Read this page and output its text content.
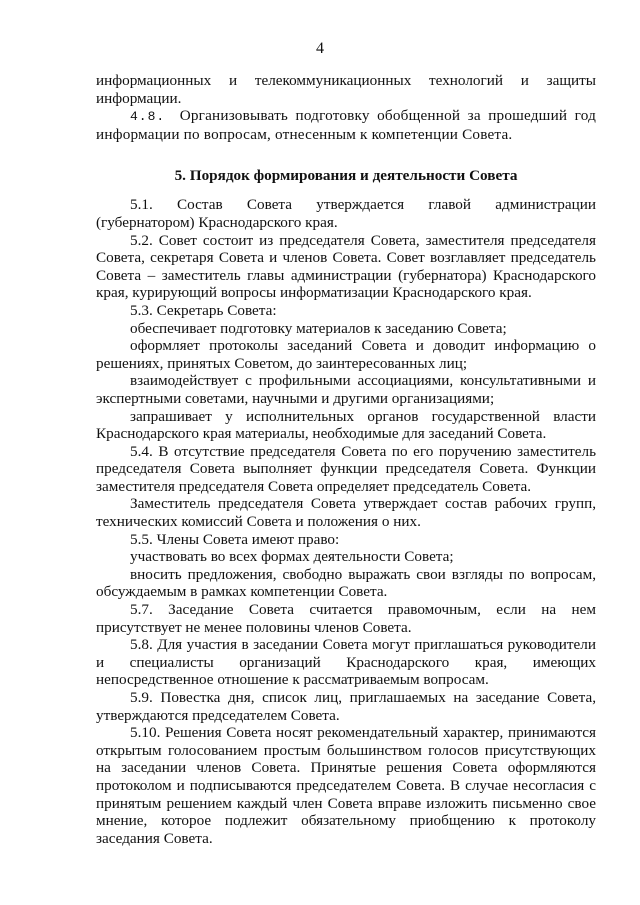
4

информационных и телекоммуникационных технологий и защиты информации.

4.8. Организовывать подготовку обобщенной за прошедший год информации по вопросам, отнесенным к компетенции Совета.

5. Порядок формирования и деятельности Совета

5.1. Состав Совета утверждается главой администрации (губернатором) Краснодарского края.

5.2. Совет состоит из председателя Совета, заместителя председателя Совета, секретаря Совета и членов Совета. Совет возглавляет председатель Совета – заместитель главы администрации (губернатора) Краснодарского края, курирующий вопросы информатизации Краснодарского края.

5.3. Секретарь Совета:

обеспечивает подготовку материалов к заседанию Совета;

оформляет протоколы заседаний Совета и доводит информацию о решениях, принятых Советом, до заинтересованных лиц;

взаимодействует с профильными ассоциациями, консультативными и экспертными советами, научными и другими организациями;

запрашивает у исполнительных органов государственной власти Краснодарского края материалы, необходимые для заседаний Совета.

5.4. В отсутствие председателя Совета по его поручению заместитель председателя Совета выполняет функции председателя Совета. Функции заместителя председателя Совета определяет председатель Совета.

Заместитель председателя Совета утверждает состав рабочих групп, технических комиссий Совета и положения о них.

5.5. Члены Совета имеют право:

участвовать во всех формах деятельности Совета;

вносить предложения, свободно выражать свои взгляды по вопросам, обсуждаемым в рамках компетенции Совета.

5.7. Заседание Совета считается правомочным, если на нем присутствует не менее половины членов Совета.

5.8. Для участия в заседании Совета могут приглашаться руководители и специалисты организаций Краснодарского края, имеющих непосредственное отношение к рассматриваемым вопросам.

5.9. Повестка дня, список лиц, приглашаемых на заседание Совета, утверждаются председателем Совета.

5.10. Решения Совета носят рекомендательный характер, принимаются открытым голосованием простым большинством голосов присутствующих на заседании членов Совета. Принятые решения Совета оформляются протоколом и подписываются председателем Совета. В случае несогласия с принятым решением каждый член Совета вправе изложить письменно свое мнение, которое подлежит обязательному приобщению к протоколу заседания Совета.
